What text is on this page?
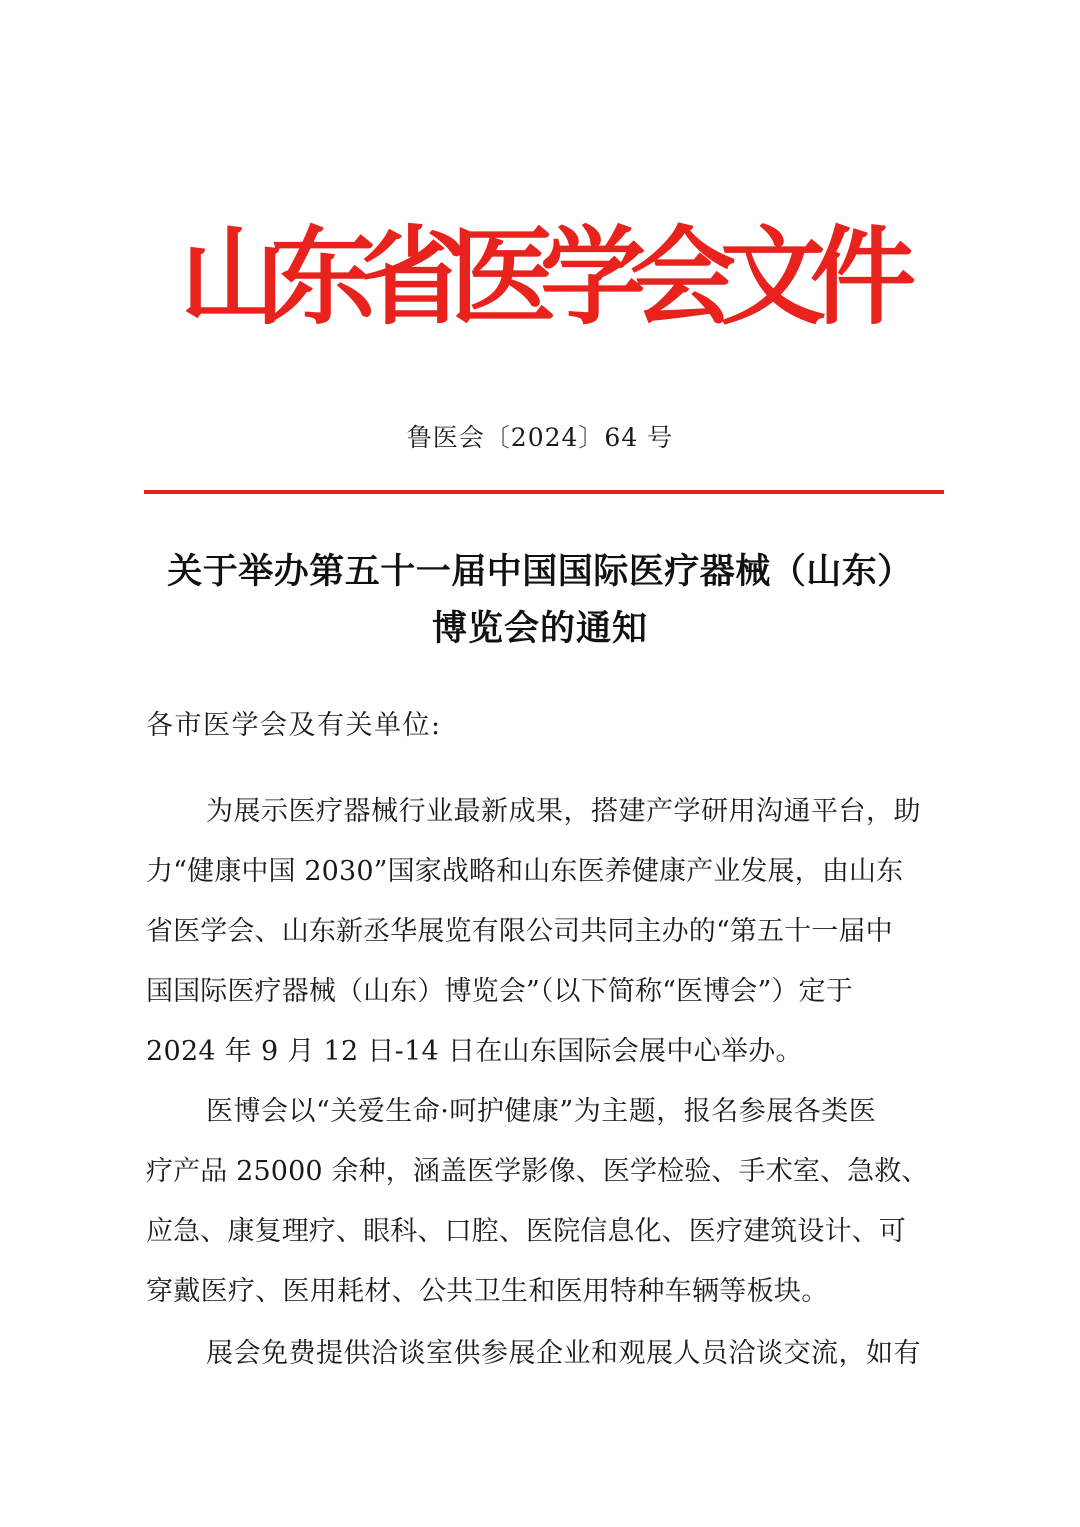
山
东
省
医
学
会
文
件
鲁医会〔2024〕64 号
关于举办第五十一届中国国际医疗器械（山东）
博览会的通知
各市医学会及有关单位:
为展示医疗器械行业最新成果，搭建产学研用沟通平台，助
力“健康中国 2030”国家战略和山东医养健康产业发展，由山东
省医学会、山东新丞华展览有限公司共同主办的“第五十一届中
国国际医疗器械（山东）博览会”（以下简称“医博会”）定于
2024 年 9 月 12 日-14 日在山东国际会展中心举办。
医博会以“关爱生命·呵护健康”为主题，报名参展各类医
疗产品 25000 余种，涵盖医学影像、医学检验、手术室、急救、
应急、康复理疗、眼科、口腔、医院信息化、医疗建筑设计、可
穿戴医疗、医用耗材、公共卫生和医用特种车辆等板块。
展会免费提供洽谈室供参展企业和观展人员洽谈交流，如有
